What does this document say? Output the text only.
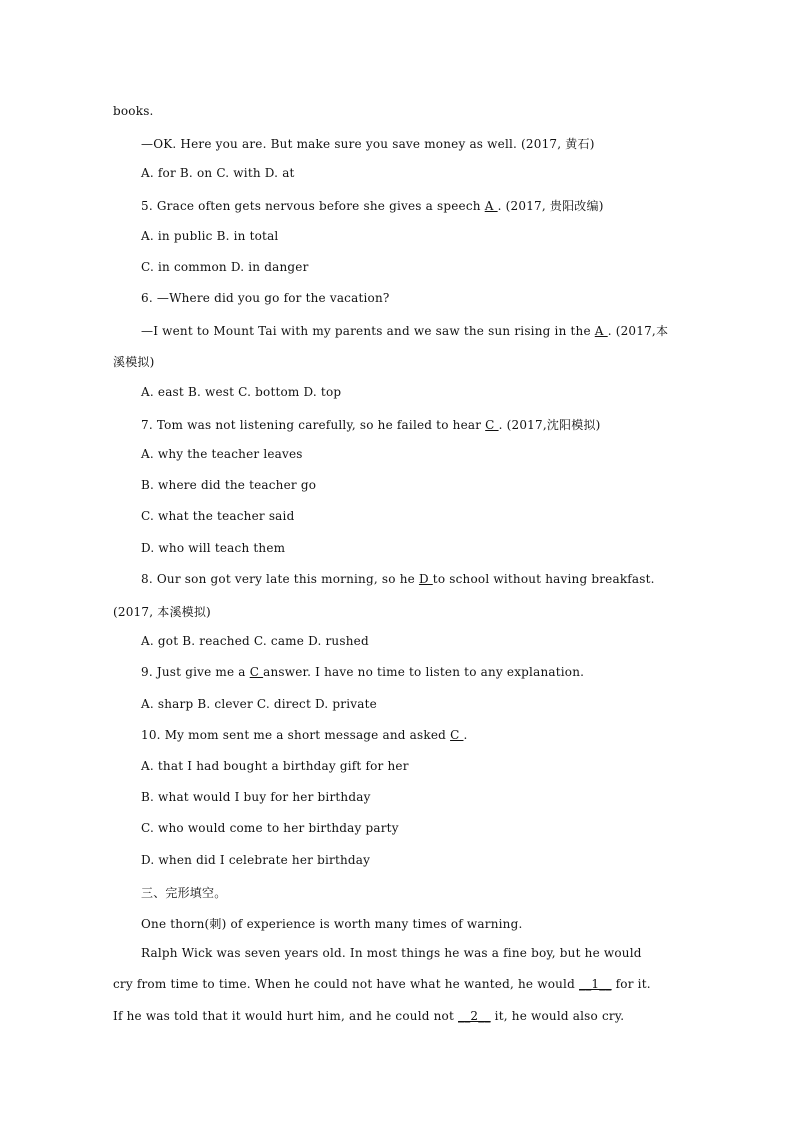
books.
—OK. Here you are. But make sure you save money as well. (2017, 黄石)
A. for B. on C. with D. at
5. Grace often gets nervous before she gives a speech A . (2017, 贵阳改编)
A. in public B. in total
C. in common D. in danger
6. —Where did you go for the vacation?
—I went to Mount Tai with my parents and we saw the sun rising in the A . (2017,本
溪模拟)
A. east B. west C. bottom D. top
7. Tom was not listening carefully, so he failed to hear C . (2017,沈阳模拟)
A. why the teacher leaves
B. where did the teacher go
C. what the teacher said
D. who will teach them
8. Our son got very late this morning, so he D to school without having breakfast.
(2017, 本溪模拟)
A. got B. reached C. came D. rushed
9. Just give me a C answer. I have no time to listen to any explanation.
A. sharp B. clever C. direct D. private
10. My mom sent me a short message and asked C .
A. that I had bought a birthday gift for her
B. what would I buy for her birthday
C. who would come to her birthday party
D. when did I celebrate her birthday
三、完形填空。
One thorn(刺) of experience is worth many times of warning.
Ralph Wick was seven years old. In most things he was a fine boy, but he would
cry from time to time. When he could not have what he wanted, he would __1__ for it.
If he was told that it would hurt him, and he could not __2__ it, he would also cry.
